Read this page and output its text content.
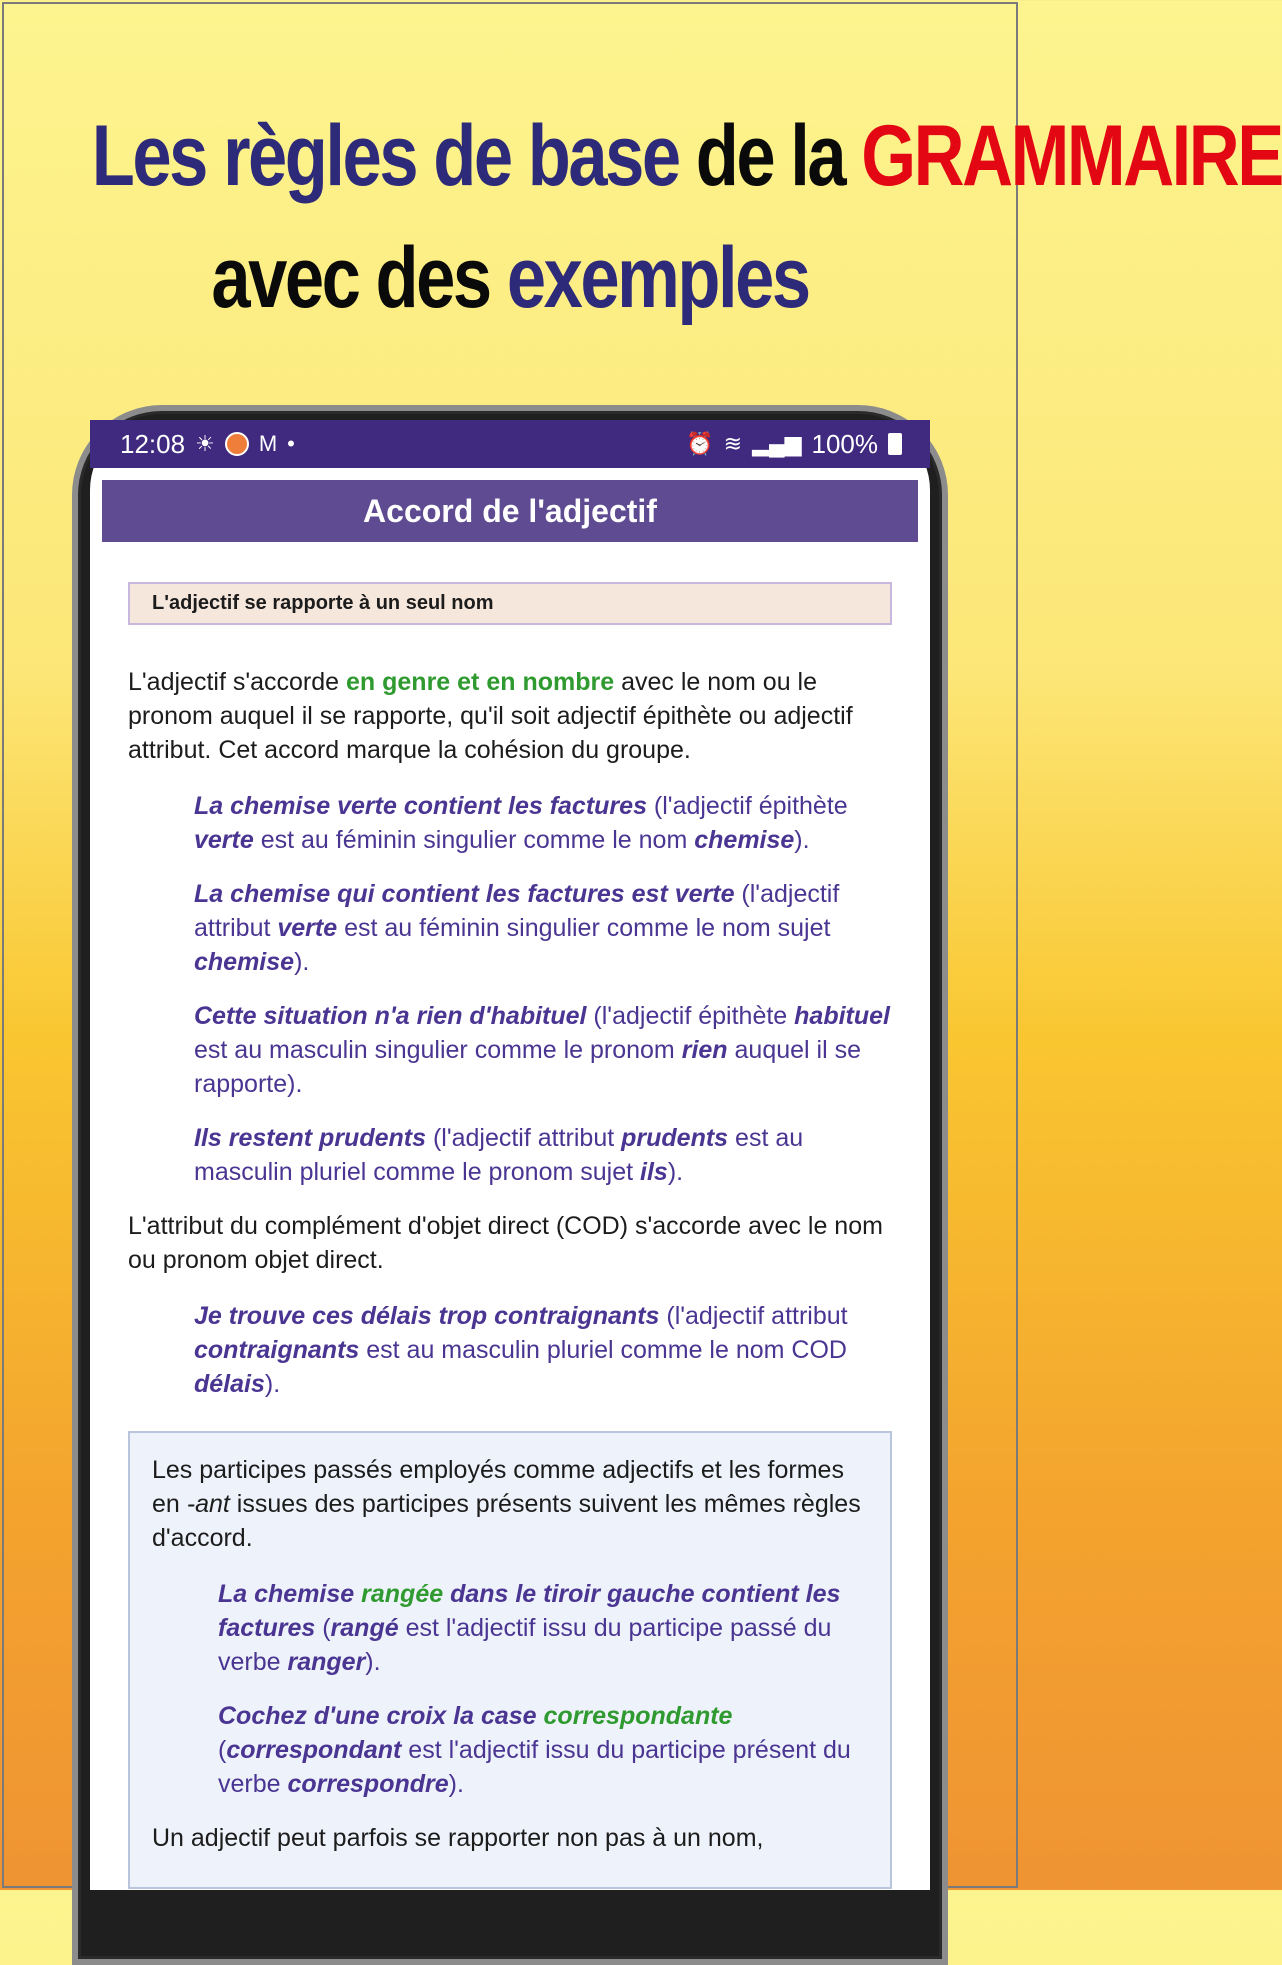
Les règles de base de la GRAMMAIRE
avec des exemples
12:08 ☀ M •	⏰ ≋ ▂▄▆ 100%
Accord de l'adjectif
L'adjectif se rapporte à un seul nom

L'adjectif s'accorde en genre et en nombre avec le nom ou le pronom auquel il se rapporte, qu'il soit adjectif épithète ou adjectif attribut. Cet accord marque la cohésion du groupe.

La chemise verte contient les factures (l'adjectif épithète verte est au féminin singulier comme le nom chemise).

La chemise qui contient les factures est verte (l'adjectif attribut verte est au féminin singulier comme le nom sujet chemise).

Cette situation n'a rien d'habituel (l'adjectif épithète habituel est au masculin singulier comme le pronom rien auquel il se rapporte).

Ils restent prudents (l'adjectif attribut prudents est au masculin pluriel comme le pronom sujet ils).

L'attribut du complément d'objet direct (COD) s'accorde avec le nom ou pronom objet direct.

Je trouve ces délais trop contraignants (l'adjectif attribut contraignants est au masculin pluriel comme le nom COD délais).

Les participes passés employés comme adjectifs et les formes en -ant issues des participes présents suivent les mêmes règles d'accord.

La chemise rangée dans le tiroir gauche contient les factures (rangé est l'adjectif issu du participe passé du verbe ranger).

Cochez d'une croix la case correspondante (correspondant est l'adjectif issu du participe présent du verbe correspondre).

Un adjectif peut parfois se rapporter non pas à un nom,
